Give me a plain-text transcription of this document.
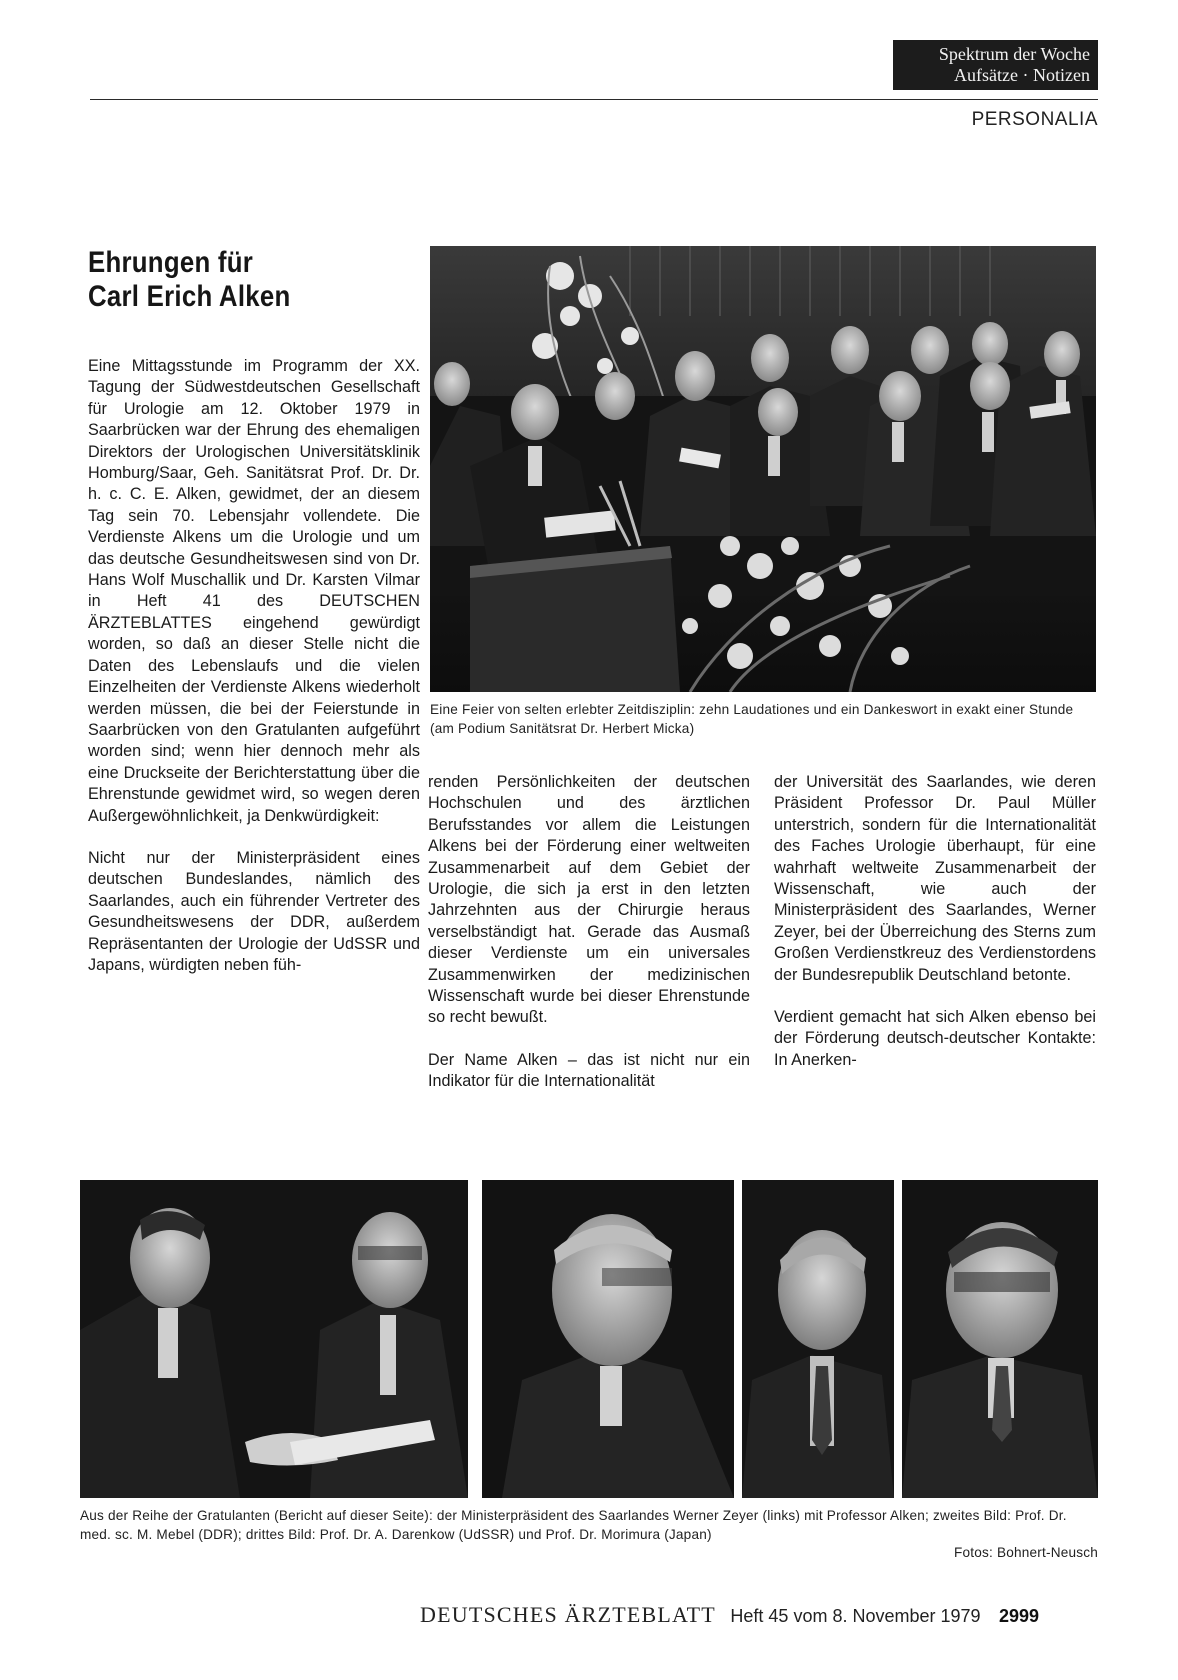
Spektrum der Woche
Aufsätze · Notizen
PERSONALIA
Ehrungen für
Carl Erich Alken
Eine Feier von selten erlebter Zeitdisziplin: zehn Laudationes und ein Dankeswort in exakt einer Stunde (am Podium Sanitätsrat Dr. Herbert Micka)

Eine Mittagsstunde im Programm der XX. Tagung der Südwestdeutschen Gesellschaft für Urologie am 12. Oktober 1979 in Saarbrücken war der Ehrung des ehemaligen Direktors der Urologischen Universitätsklinik Homburg/Saar, Geh. Sanitätsrat Prof. Dr. Dr. h. c. C. E. Alken, gewidmet, der an diesem Tag sein 70. Lebensjahr vollendete. Die Verdienste Alkens um die Urologie und um das deutsche Gesundheitswesen sind von Dr. Hans Wolf Muschallik und Dr. Karsten Vilmar in Heft 41 des DEUTSCHEN ÄRZTEBLATTES eingehend gewürdigt worden, so daß an dieser Stelle nicht die Daten des Lebenslaufs und die vielen Einzelheiten der Verdienste Alkens wiederholt werden müssen, die bei der Feierstunde in Saarbrücken von den Gratulanten aufgeführt worden sind; wenn hier dennoch mehr als eine Druckseite der Berichterstattung über die Ehrenstunde gewidmet wird, so wegen deren Außergewöhnlichkeit, ja Denkwürdigkeit:

Nicht nur der Ministerpräsident eines deutschen Bundeslandes, nämlich des Saarlandes, auch ein führender Vertreter des Gesundheitswesens der DDR, außerdem Repräsentanten der Urologie der UdSSR und Japans, würdigten neben füh-

renden Persönlichkeiten der deutschen Hochschulen und des ärztlichen Berufsstandes vor allem die Leistungen Alkens bei der Förderung einer weltweiten Zusammenarbeit auf dem Gebiet der Urologie, die sich ja erst in den letzten Jahrzehnten aus der Chirurgie heraus verselbständigt hat. Gerade das Ausmaß dieser Verdienste um ein universales Zusammenwirken der medizinischen Wissenschaft wurde bei dieser Ehrenstunde so recht bewußt.

Der Name Alken – das ist nicht nur ein Indikator für die Internationalität

der Universität des Saarlandes, wie deren Präsident Professor Dr. Paul Müller unterstrich, sondern für die Internationalität des Faches Urologie überhaupt, für eine wahrhaft weltweite Zusammenarbeit der Wissenschaft, wie auch der Ministerpräsident des Saarlandes, Werner Zeyer, bei der Überreichung des Sterns zum Großen Verdienstkreuz des Verdienstordens der Bundesrepublik Deutschland betonte.

Verdient gemacht hat sich Alken ebenso bei der Förderung deutsch-deutscher Kontakte: In Anerken-

Aus der Reihe der Gratulanten (Bericht auf dieser Seite): der Ministerpräsident des Saarlandes Werner Zeyer (links) mit Professor Alken; zweites Bild: Prof. Dr. med. sc. M. Mebel (DDR); drittes Bild: Prof. Dr. A. Darenkow (UdSSR) und Prof. Dr. Morimura (Japan)
Fotos: Bohnert-Neusch
DEUTSCHES ÄRZTEBLATT Heft 45 vom 8. November 1979 2999
